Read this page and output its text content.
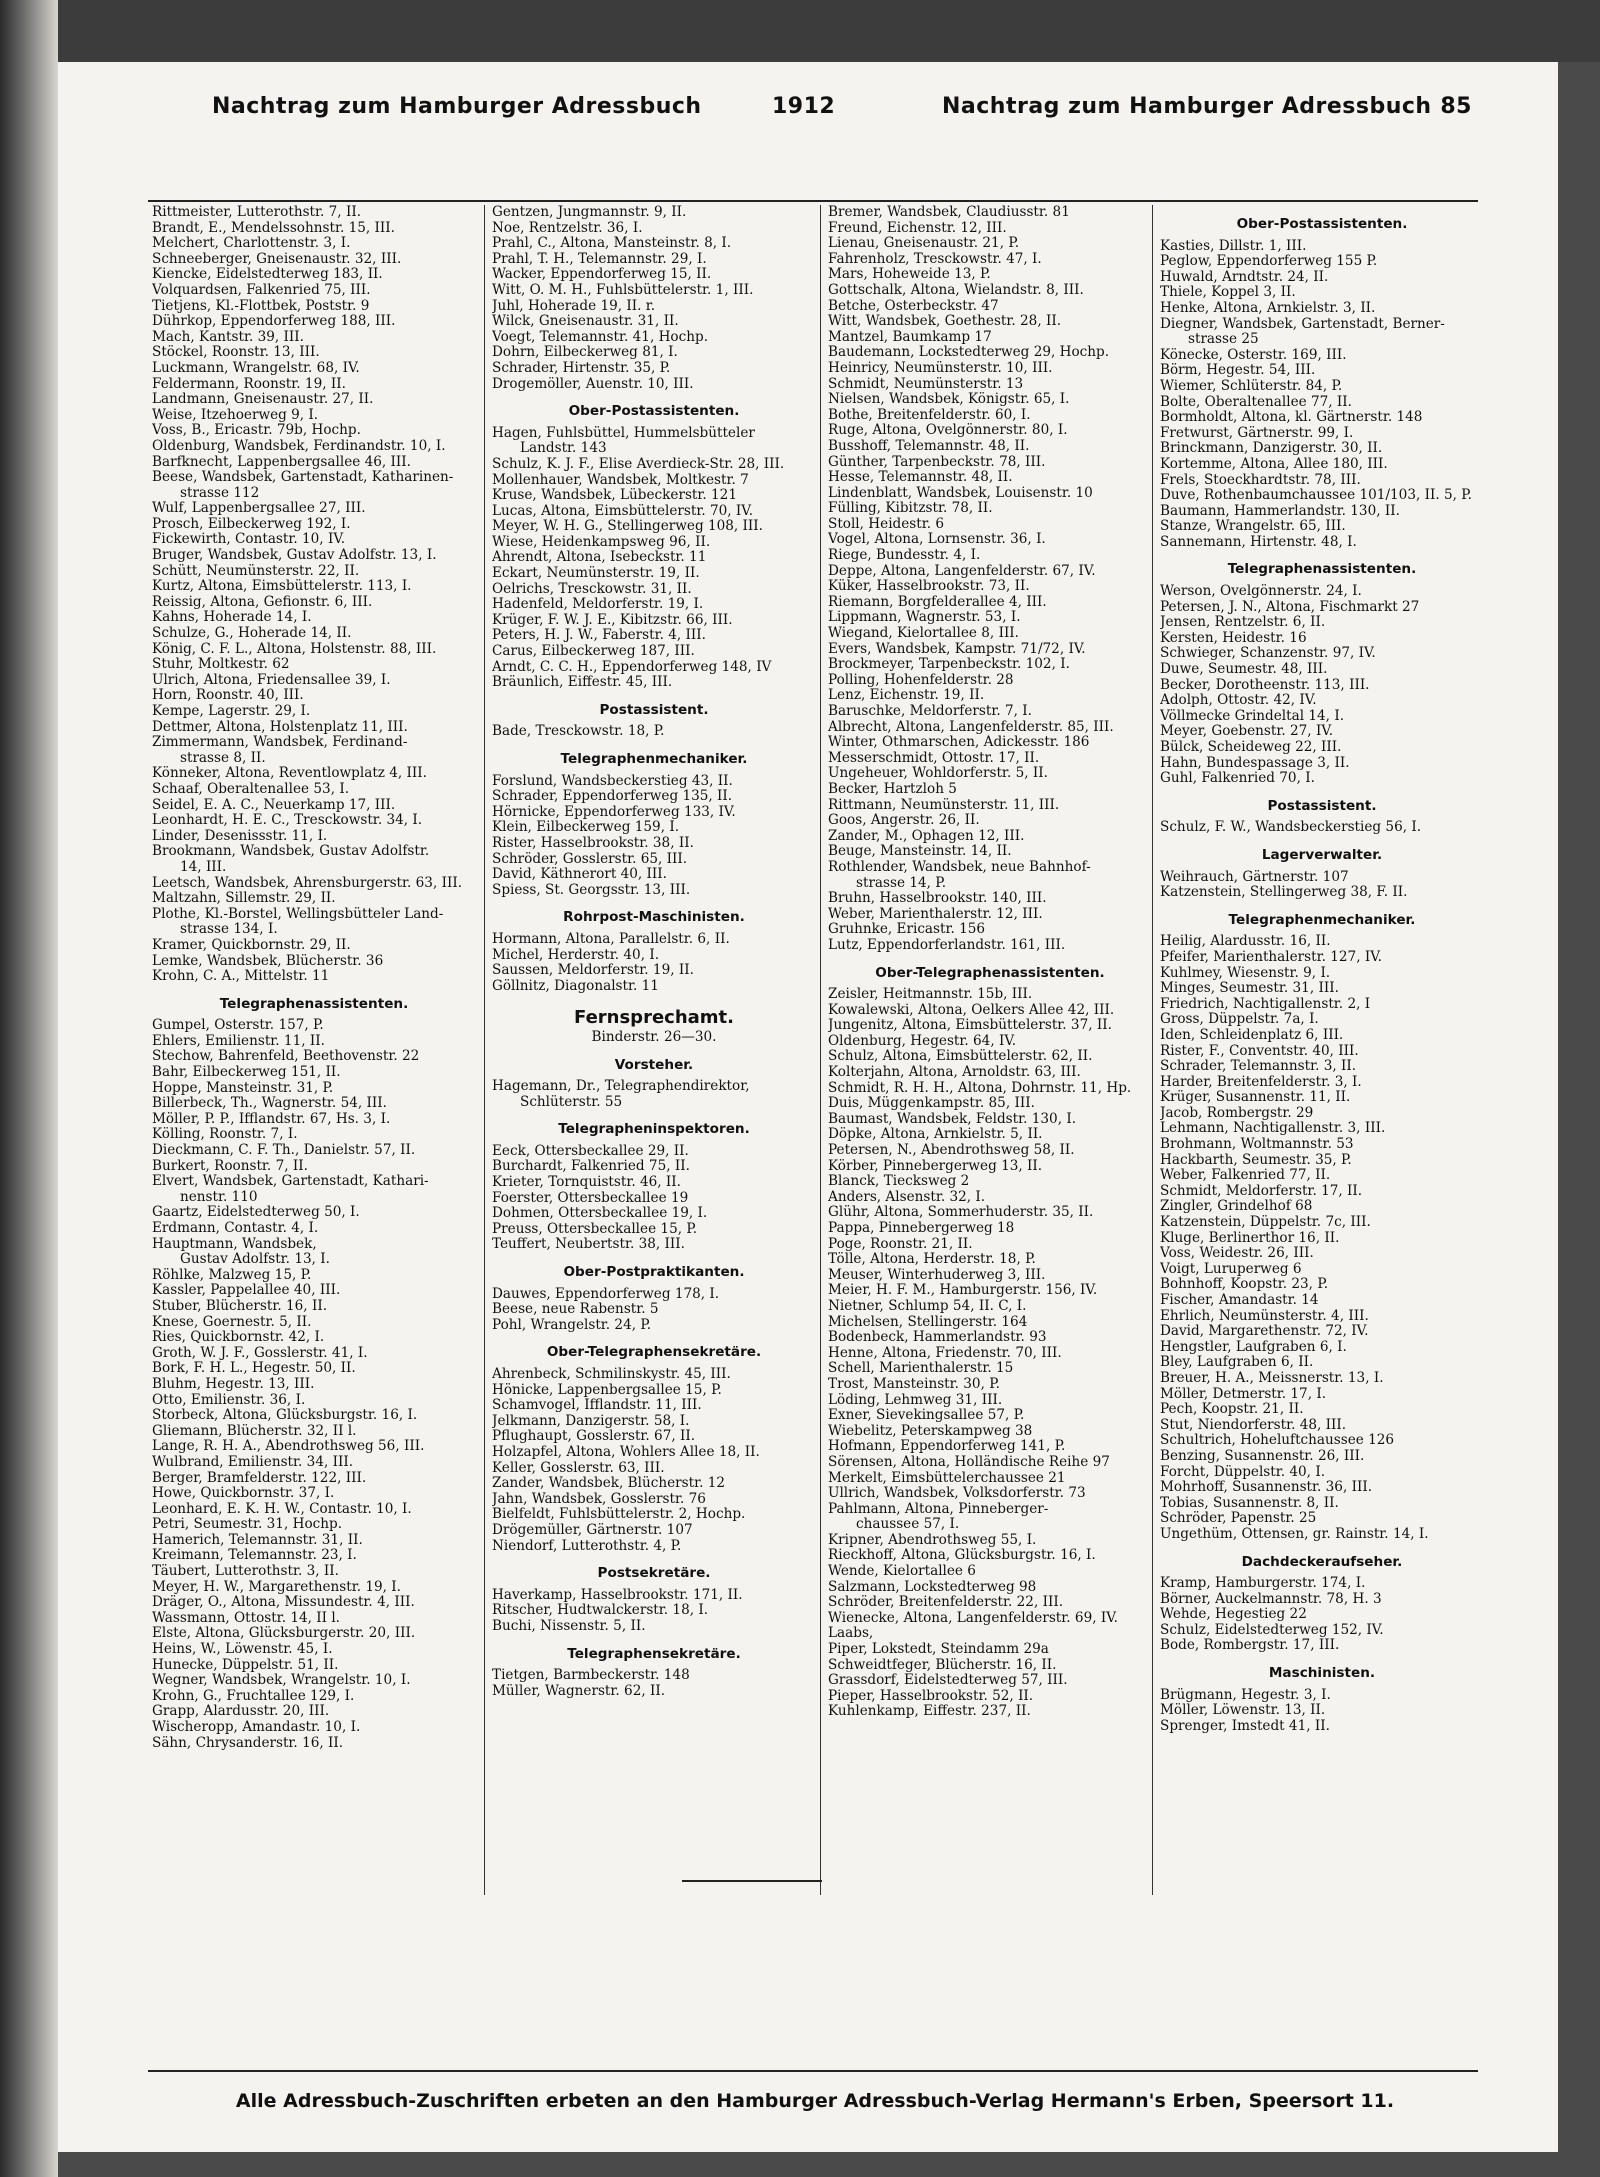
Nachtrag zum Hamburger Adressbuch	1912	Nachtrag zum Hamburger Adressbuch 85
Rittmeister, Lutterothstr. 7, II.
Brandt, E., Mendelssohnstr. 15, III.
Melchert, Charlottenstr. 3, I.
Schneeberger, Gneisenaustr. 32, III.
Kiencke, Eidelstedterweg 183, II.
Volquardsen, Falkenried 75, III.
Tietjens, Kl.-Flottbek, Poststr. 9
Dührkop, Eppendorferweg 188, III.
Mach, Kantstr. 39, III.
Stöckel, Roonstr. 13, III.
Luckmann, Wrangelstr. 68, IV.
Feldermann, Roonstr. 19, II.
Landmann, Gneisenaustr. 27, II.
Weise, Itzehoerweg 9, I.
Voss, B., Ericastr. 79b, Hochp.
Oldenburg, Wandsbek, Ferdinandstr. 10, I.
Barfknecht, Lappenbergsallee 46, III.
Beese, Wandsbek, Gartenstadt, Katharinen-
strasse 112
Wulf, Lappenbergsallee 27, III.
Prosch, Eilbeckerweg 192, I.
Fickewirth, Contastr. 10, IV.
Bruger, Wandsbek, Gustav Adolfstr. 13, I.
Schütt, Neumünsterstr. 22, II.
Kurtz, Altona, Eimsbüttelerstr. 113, I.
Reissig, Altona, Gefionstr. 6, III.
Kahns, Hoherade 14, I.
Schulze, G., Hoherade 14, II.
König, C. F. L., Altona, Holstenstr. 88, III.
Stuhr, Moltkestr. 62
Ulrich, Altona, Friedensallee 39, I.
Horn, Roonstr. 40, III.
Kempe, Lagerstr. 29, I.
Dettmer, Altona, Holstenplatz 11, III.
Zimmermann, Wandsbek, Ferdinand-
strasse 8, II.
Könneker, Altona, Reventlowplatz 4, III.
Schaaf, Oberaltenallee 53, I.
Seidel, E. A. C., Neuerkamp 17, III.
Leonhardt, H. E. C., Tresckowstr. 34, I.
Linder, Desenissstr. 11, I.
Brookmann, Wandsbek, Gustav Adolfstr.
14, III.
Leetsch, Wandsbek, Ahrensburgerstr. 63, III.
Maltzahn, Sillemstr. 29, II.
Plothe, Kl.-Borstel, Wellingsbütteler Land-
strasse 134, I.
Kramer, Quickbornstr. 29, II.
Lemke, Wandsbek, Blücherstr. 36
Krohn, C. A., Mittelstr. 11
Telegraphenassistenten.
Gumpel, Osterstr. 157, P.
Ehlers, Emilienstr. 11, II.
Stechow, Bahrenfeld, Beethovenstr. 22
Bahr, Eilbeckerweg 151, II.
Hoppe, Mansteinstr. 31, P.
Billerbeck, Th., Wagnerstr. 54, III.
Möller, P. P., Ifflandstr. 67, Hs. 3, I.
Kölling, Roonstr. 7, I.
Dieckmann, C. F. Th., Danielstr. 57, II.
Burkert, Roonstr. 7, II.
Elvert, Wandsbek, Gartenstadt, Kathari-
nenstr. 110
Gaartz, Eidelstedterweg 50, I.
Erdmann, Contastr. 4, I.
Hauptmann, Wandsbek,
Gustav Adolfstr. 13, I.
Röhlke, Malzweg 15, P.
Kassler, Pappelallee 40, III.
Stuber, Blücherstr. 16, II.
Knese, Goernestr. 5, II.
Ries, Quickbornstr. 42, I.
Groth, W. J. F., Gosslerstr. 41, I.
Bork, F. H. L., Hegestr. 50, II.
Bluhm, Hegestr. 13, III.
Otto, Emilienstr. 36, I.
Storbeck, Altona, Glücksburgstr. 16, I.
Gliemann, Blücherstr. 32, II l.
Lange, R. H. A., Abendrothsweg 56, III.
Wulbrand, Emilienstr. 34, III.
Berger, Bramfelderstr. 122, III.
Howe, Quickbornstr. 37, I.
Leonhard, E. K. H. W., Contastr. 10, I.
Petri, Seumestr. 31, Hochp.
Hamerich, Telemannstr. 31, II.
Kreimann, Telemannstr. 23, I.
Täubert, Lutterothstr. 3, II.
Meyer, H. W., Margarethenstr. 19, I.
Dräger, O., Altona, Missundestr. 4, III.
Wassmann, Ottostr. 14, II l.
Elste, Altona, Glücksburgerstr. 20, III.
Heins, W., Löwenstr. 45, I.
Hunecke, Düppelstr. 51, II.
Wegner, Wandsbek, Wrangelstr. 10, I.
Krohn, G., Fruchtallee 129, I.
Grapp, Alardusstr. 20, III.
Wischeropp, Amandastr. 10, I.
Sähn, Chrysanderstr. 16, II.
Gentzen, Jungmannstr. 9, II.
Noe, Rentzelstr. 36, I.
Prahl, C., Altona, Mansteinstr. 8, I.
Prahl, T. H., Telemannstr. 29, I.
Wacker, Eppendorferweg 15, II.
Witt, O. M. H., Fuhlsbüttelerstr. 1, III.
Juhl, Hoherade 19, II. r.
Wilck, Gneisenaustr. 31, II.
Voegt, Telemannstr. 41, Hochp.
Dohrn, Eilbeckerweg 81, I.
Schrader, Hirtenstr. 35, P.
Drogemöller, Auenstr. 10, III.
Ober-Postassistenten.
Hagen, Fuhlsbüttel, Hummelsbütteler
Landstr. 143
Schulz, K. J. F., Elise Averdieck-Str. 28, III.
Mollenhauer, Wandsbek, Moltkestr. 7
Kruse, Wandsbek, Lübeckerstr. 121
Lucas, Altona, Eimsbüttelerstr. 70, IV.
Meyer, W. H. G., Stellingerweg 108, III.
Wiese, Heidenkampsweg 96, II.
Ahrendt, Altona, Isebeckstr. 11
Eckart, Neumünsterstr. 19, II.
Oelrichs, Tresckowstr. 31, II.
Hadenfeld, Meldorferstr. 19, I.
Krüger, F. W. J. E., Kibitzstr. 66, III.
Peters, H. J. W., Faberstr. 4, III.
Carus, Eilbeckerweg 187, III.
Arndt, C. C. H., Eppendorferweg 148, IV
Bräunlich, Eiffestr. 45, III.
Postassistent.
Bade, Tresckowstr. 18, P.
Telegraphenmechaniker.
Forslund, Wandsbeckerstieg 43, II.
Schrader, Eppendorferweg 135, II.
Hörnicke, Eppendorferweg 133, IV.
Klein, Eilbeckerweg 159, I.
Rister, Hasselbrookstr. 38, II.
Schröder, Gosslerstr. 65, III.
David, Käthnerort 40, III.
Spiess, St. Georgsstr. 13, III.
Rohrpost-Maschinisten.
Hormann, Altona, Parallelstr. 6, II.
Michel, Herderstr. 40, I.
Saussen, Meldorferstr. 19, II.
Göllnitz, Diagonalstr. 11
Fernsprechamt.
Binderstr. 26—30.
Vorsteher.
Hagemann, Dr., Telegraphendirektor,
Schlüterstr. 55
Telegrapheninspektoren.
Eeck, Ottersbeckallee 29, II.
Burchardt, Falkenried 75, II.
Krieter, Tornquiststr. 46, II.
Foerster, Ottersbeckallee 19
Dohmen, Ottersbeckallee 19, I.
Preuss, Ottersbeckallee 15, P.
Teuffert, Neubertstr. 38, III.
Ober-Postpraktikanten.
Dauwes, Eppendorferweg 178, I.
Beese, neue Rabenstr. 5
Pohl, Wrangelstr. 24, P.
Ober-Telegraphensekretäre.
Ahrenbeck, Schmilinskystr. 45, III.
Hönicke, Lappenbergsallee 15, P.
Schamvogel, Ifflandstr. 11, III.
Jelkmann, Danzigerstr. 58, I.
Pflughaupt, Gosslerstr. 67, II.
Holzapfel, Altona, Wohlers Allee 18, II.
Keller, Gosslerstr. 63, III.
Zander, Wandsbek, Blücherstr. 12
Jahn, Wandsbek, Gosslerstr. 76
Bielfeldt, Fuhlsbüttelerstr. 2, Hochp.
Drögemüller, Gärtnerstr. 107
Niendorf, Lutterothstr. 4, P.
Postsekretäre.
Haverkamp, Hasselbrookstr. 171, II.
Ritscher, Hudtwalckerstr. 18, I.
Buchi, Nissenstr. 5, II.
Telegraphensekretäre.
Tietgen, Barmbeckerstr. 148
Müller, Wagnerstr. 62, II.
Bremer, Wandsbek, Claudiusstr. 81
Freund, Eichenstr. 12, III.
Lienau, Gneisenaustr. 21, P.
Fahrenholz, Tresckowstr. 47, I.
Mars, Hoheweide 13, P.
Gottschalk, Altona, Wielandstr. 8, III.
Betche, Osterbeckstr. 47
Witt, Wandsbek, Goethestr. 28, II.
Mantzel, Baumkamp 17
Baudemann, Lockstedterweg 29, Hochp.
Heinricy, Neumünsterstr. 10, III.
Schmidt, Neumünsterstr. 13
Nielsen, Wandsbek, Königstr. 65, I.
Bothe, Breitenfelderstr. 60, I.
Ruge, Altona, Övelgönnerstr. 80, I.
Busshoff, Telemannstr. 48, II.
Günther, Tarpenbeckstr. 78, III.
Hesse, Telemannstr. 48, II.
Lindenblatt, Wandsbek, Louisenstr. 10
Fülling, Kibitzstr. 78, II.
Stoll, Heidestr. 6
Vogel, Altona, Lornsenstr. 36, I.
Riege, Bundesstr. 4, I.
Deppe, Altona, Langenfelderstr. 67, IV.
Küker, Hasselbrookstr. 73, II.
Riemann, Borgfelderallee 4, III.
Lippmann, Wagnerstr. 53, I.
Wiegand, Kielortallee 8, III.
Evers, Wandsbek, Kampstr. 71/72, IV.
Brockmeyer, Tarpenbeckstr. 102, I.
Polling, Hohenfelderstr. 28
Lenz, Eichenstr. 19, II.
Baruschke, Meldorferstr. 7, I.
Albrecht, Altona, Langenfelderstr. 85, III.
Winter, Othmarschen, Adickesstr. 186
Messerschmidt, Ottostr. 17, II.
Ungeheuer, Wohldorferstr. 5, II.
Becker, Hartzloh 5
Rittmann, Neumünsterstr. 11, III.
Goos, Angerstr. 26, II.
Zander, M., Ophagen 12, III.
Beuge, Mansteinstr. 14, II.
Rothlender, Wandsbek, neue Bahnhof-
strasse 14, P.
Bruhn, Hasselbrookstr. 140, III.
Weber, Marienthalerstr. 12, III.
Gruhnke, Ericastr. 156
Lutz, Eppendorferlandstr. 161, III.
Ober-Telegraphenassistenten.
Zeisler, Heitmannstr. 15b, III.
Kowalewski, Altona, Oelkers Allee 42, III.
Jungenitz, Altona, Eimsbüttelerstr. 37, II.
Oldenburg, Hegestr. 64, IV.
Schulz, Altona, Eimsbüttelerstr. 62, II.
Kolterjahn, Altona, Arnoldstr. 63, III.
Schmidt, R. H. H., Altona, Dohrnstr. 11, Hp.
Duis, Müggenkampstr. 85, III.
Baumast, Wandsbek, Feldstr. 130, I.
Döpke, Altona, Arnkielstr. 5, II.
Petersen, N., Abendrothsweg 58, II.
Körber, Pinnebergerweg 13, II.
Blanck, Tiecksweg 2
Anders, Alsenstr. 32, I.
Glühr, Altona, Sommerhuderstr. 35, II.
Pappa, Pinnebergerweg 18
Poge, Roonstr. 21, II.
Tölle, Altona, Herderstr. 18, P.
Meuser, Winterhuderweg 3, III.
Meier, H. F. M., Hamburgerstr. 156, IV.
Nietner, Schlump 54, II. C, I.
Michelsen, Stellingerstr. 164
Bodenbeck, Hammerlandstr. 93
Henne, Altona, Friedenstr. 70, III.
Schell, Marienthalerstr. 15
Trost, Mansteinstr. 30, P.
Löding, Lehmweg 31, III.
Exner, Sievekingsallee 57, P.
Wiebelitz, Peterskampweg 38
Hofmann, Eppendorferweg 141, P.
Sörensen, Altona, Holländische Reihe 97
Merkelt, Eimsbüttelerchaussee 21
Ullrich, Wandsbek, Volksdorferstr. 73
Pahlmann, Altona, Pinneberger-
chaussee 57, I.
Kripner, Abendrothsweg 55, I.
Rieckhoff, Altona, Glücksburgstr. 16, I.
Wende, Kielortallee 6
Salzmann, Lockstedterweg 98
Schröder, Breitenfelderstr. 22, III.
Wienecke, Altona, Langenfelderstr. 69, IV.
Laabs,
Piper, Lokstedt, Steindamm 29a
Schweidtfeger, Blücherstr. 16, II.
Grassdorf, Eidelstedterweg 57, III.
Pieper, Hasselbrookstr. 52, II.
Kuhlenkamp, Eiffestr. 237, II.
Ober-Postassistenten.
Kasties, Dillstr. 1, III.
Peglow, Eppendorferweg 155 P.
Huwald, Arndtstr. 24, II.
Thiele, Koppel 3, II.
Henke, Altona, Arnkielstr. 3, II.
Diegner, Wandsbek, Gartenstadt, Berner-
strasse 25
Könecke, Osterstr. 169, III.
Börm, Hegestr. 54, III.
Wiemer, Schlüterstr. 84, P.
Bolte, Oberaltenallee 77, II.
Bormholdt, Altona, kl. Gärtnerstr. 148
Fretwurst, Gärtnerstr. 99, I.
Brinckmann, Danzigerstr. 30, II.
Kortemme, Altona, Allee 180, III.
Frels, Stoeckhardtstr. 78, III.
Duve, Rothenbaumchaussee 101/103, II. 5, P.
Baumann, Hammerlandstr. 130, II.
Stanze, Wrangelstr. 65, III.
Sannemann, Hirtenstr. 48, I.
Telegraphenassistenten.
Werson, Övelgönnerstr. 24, I.
Petersen, J. N., Altona, Fischmarkt 27
Jensen, Rentzelstr. 6, II.
Kersten, Heidestr. 16
Schwieger, Schanzenstr. 97, IV.
Duwe, Seumestr. 48, III.
Becker, Dorotheenstr. 113, III.
Adolph, Ottostr. 42, IV.
Völlmecke Grindeltal 14, I.
Meyer, Goebenstr. 27, IV.
Bülck, Scheideweg 22, III.
Hahn, Bundespassage 3, II.
Guhl, Falkenried 70, I.
Postassistent.
Schulz, F. W., Wandsbeckerstieg 56, I.
Lagerverwalter.
Weihrauch, Gärtnerstr. 107
Katzenstein, Stellingerweg 38, F. II.
Telegraphenmechaniker.
Heilig, Alardusstr. 16, II.
Pfeifer, Marienthalerstr. 127, IV.
Kuhlmey, Wiesenstr. 9, I.
Minges, Seumestr. 31, III.
Friedrich, Nachtigallenstr. 2, I
Gross, Düppelstr. 7a, I.
Iden, Schleidenplatz 6, III.
Rister, F., Conventstr. 40, III.
Schrader, Telemannstr. 3, II.
Harder, Breitenfelderstr. 3, I.
Krüger, Susannenstr. 11, II.
Jacob, Rombergstr. 29
Lehmann, Nachtigallenstr. 3, III.
Brohmann, Woltmannstr. 53
Hackbarth, Seumestr. 35, P.
Weber, Falkenried 77, II.
Schmidt, Meldorferstr. 17, II.
Zingler, Grindelhof 68
Katzenstein, Düppelstr. 7c, III.
Kluge, Berlinerthor 16, II.
Voss, Weidestr. 26, III.
Voigt, Luruperweg 6
Bohnhoff, Koopstr. 23, P.
Fischer, Amandastr. 14
Ehrlich, Neumünsterstr. 4, III.
David, Margarethenstr. 72, IV.
Hengstler, Laufgraben 6, I.
Bley, Laufgraben 6, II.
Breuer, H. A., Meissnerstr. 13, I.
Möller, Detmerstr. 17, I.
Pech, Koopstr. 21, II.
Stut, Niendorferstr. 48, III.
Schultrich, Hoheluftchaussee 126
Benzing, Susannenstr. 26, III.
Forcht, Düppelstr. 40, I.
Mohrhoff, Susannenstr. 36, III.
Tobias, Susannenstr. 8, II.
Schröder, Papenstr. 25
Ungethüm, Ottensen, gr. Rainstr. 14, I.
Dachdeckeraufseher.
Kramp, Hamburgerstr. 174, I.
Börner, Auckelmannstr. 78, H. 3
Wehde, Hegestieg 22
Schulz, Eidelstedterweg 152, IV.
Bode, Rombergstr. 17, III.
Maschinisten.
Brügmann, Hegestr. 3, I.
Möller, Löwenstr. 13, II.
Sprenger, Imstedt 41, II.
Alle Adressbuch-Zuschriften erbeten an den Hamburger Adressbuch-Verlag Hermann's Erben, Speersort 11.
